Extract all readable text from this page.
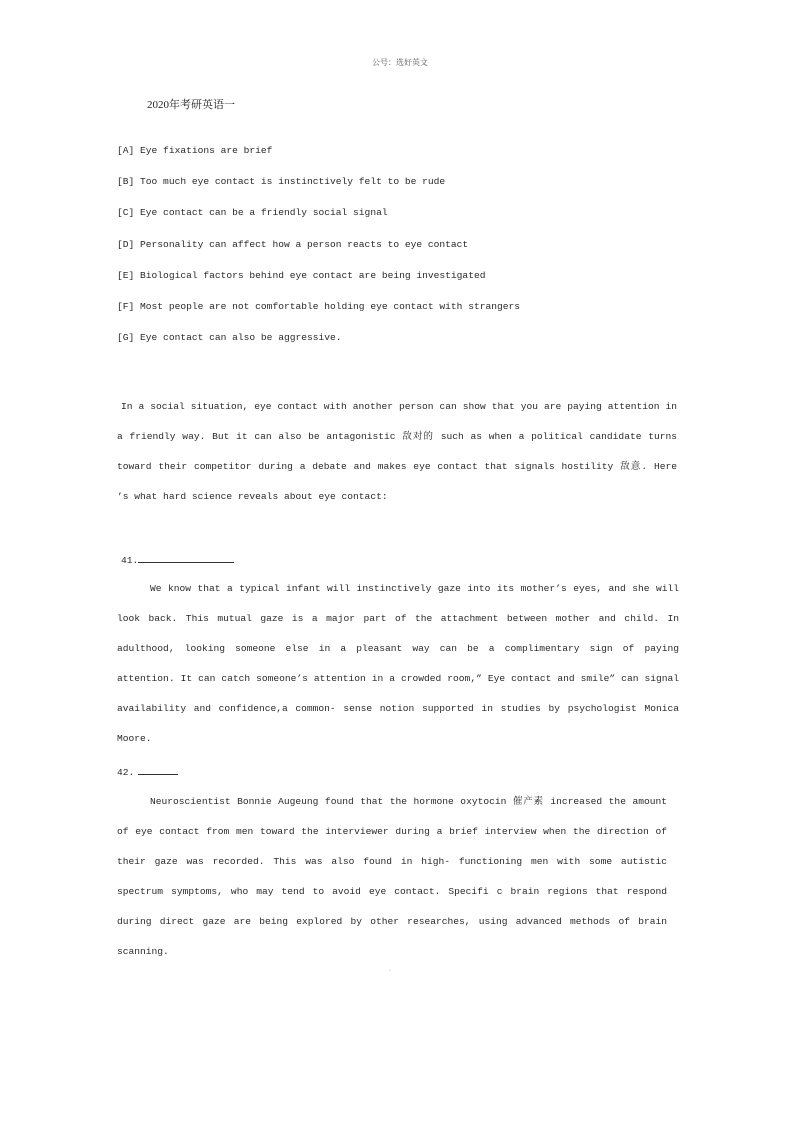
公号：选好英文
2020年考研英语一
[A] Eye fixations are brief
[B] Too much eye contact is instinctively felt to be rude
[C] Eye contact can be a friendly social signal
[D] Personality can affect how a person reacts to eye contact
[E] Biological factors behind eye contact are being investigated
[F] Most people are not comfortable holding eye contact with strangers
[G] Eye contact can also be aggressive.

In a social situation, eye contact with another person can show that you are paying attention in a friendly way. But it can also be antagonistic 敌对的 such as when a political candidate turns toward their competitor during a debate and makes eye contact that signals hostility 敌意. Here ’s what hard science reveals about eye contact:

41.

We know that a typical infant will instinctively gaze into its mother’s eyes, and she will look back. This mutual gaze is a major part of the attachment between mother and child. In adulthood, looking someone else in a pleasant way can be a complimentary sign of paying attention. It can catch someone’s attention in a crowded room,” Eye contact and smile” can signal availability and confidence,a common- sense notion supported in studies by psychologist Monica Moore.

42.

Neuroscientist Bonnie Augeung found that the hormone oxytocin 催产素 increased the amount of eye contact from men toward the interviewer during a brief interview when the direction of their gaze was recorded. This was also found in high- functioning men with some autistic spectrum symptoms, who may tend to avoid eye contact. Specifi c brain regions that respond during direct gaze are being explored by other researches, using advanced methods of brain scanning.

◦
